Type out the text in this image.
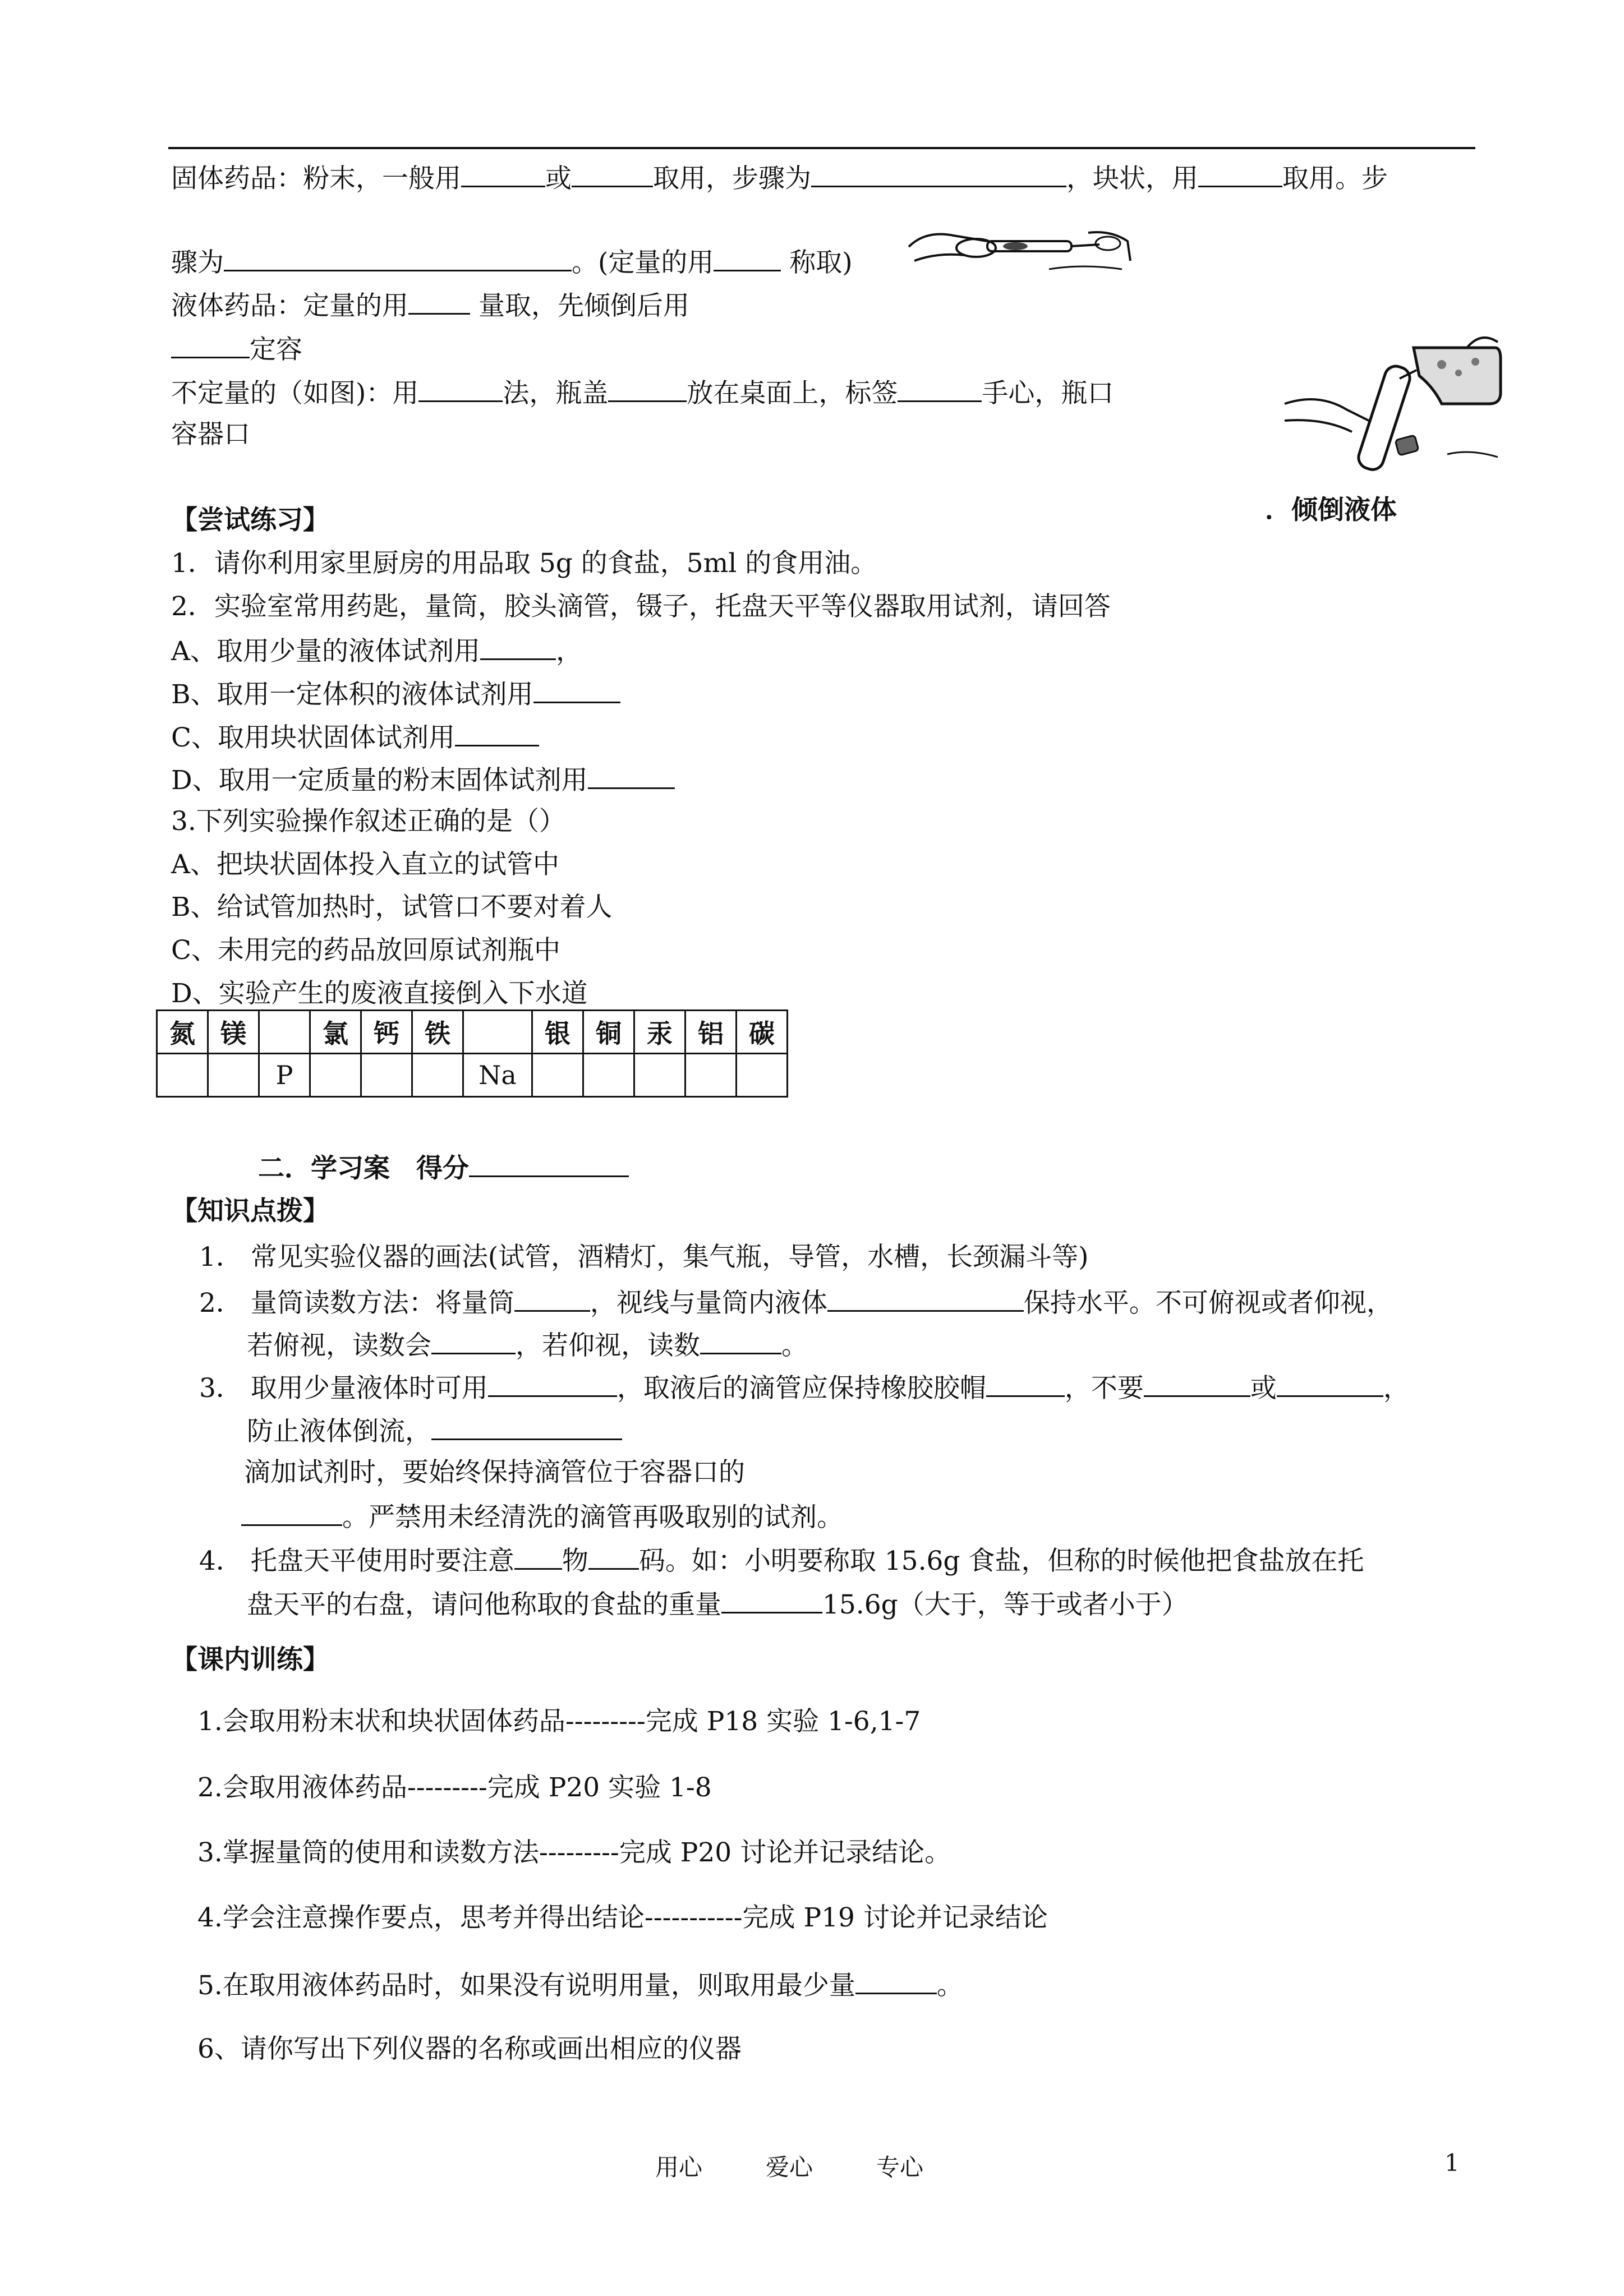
固体药品：粉末，一般用	或	取用，步骤为	，块状，用	取用。步
骤为	。(定量的用	称取)
液体药品：定量的用 量取，先倾倒后用
定容
不定量的（如图)：用	法，瓶盖	放在桌面上，标签	手心，瓶口
容器口
．倾倒液体
【尝试练习】
1．请你利用家里厨房的用品取 5g 的食盐，5ml 的食用油。
2．实验室常用药匙，量筒，胶头滴管，镊子，托盘天平等仪器取用试剂，请回答
A、取用少量的液体试剂用	，
B、取用一定体积的液体试剂用
C、取用块状固体试剂用
D、取用一定质量的粉末固体试剂用
3.下列实验操作叙述正确的是（）
A、把块状固体投入直立的试管中
B、给试管加热时，试管口不要对着人
C、未用完的药品放回原试剂瓶中
D、实验产生的废液直接倒入下水道
氮	镁		氯	钙	铁		银	铜	汞	铝	碳
		P				Na					
二．学习案　得分
【知识点拨】
1． 常见实验仪器的画法(试管，酒精灯，集气瓶，导管，水槽，长颈漏斗等)
2． 量筒读数方法：将量筒	，视线与量筒内液体	保持水平。不可俯视或者仰视，
若俯视，读数会	，若仰视，读数	。
3． 取用少量液体时可用	，取液后的滴管应保持橡胶胶帽	，不要	或	，
防止液体倒流，
滴加试剂时，要始终保持滴管位于容器口的
。严禁用未经清洗的滴管再吸取别的试剂。
4． 托盘天平使用时要注意 物 码。如：小明要称取 15.6g 食盐，但称的时候他把食盐放在托
盘天平的右盘，请问他称取的食盐的重量	15.6g（大于，等于或者小于）
【课内训练】
1.会取用粉末状和块状固体药品---------完成 P18 实验 1-6,1-7
2.会取用液体药品---------完成 P20 实验 1-8
3.掌握量筒的使用和读数方法---------完成 P20 讨论并记录结论。
4.学会注意操作要点，思考并得出结论-----------完成 P19 讨论并记录结论
5.在取用液体药品时，如果没有说明用量，则取用最少量	。
6、请你写出下列仪器的名称或画出相应的仪器
用心	爱心	专心	1
